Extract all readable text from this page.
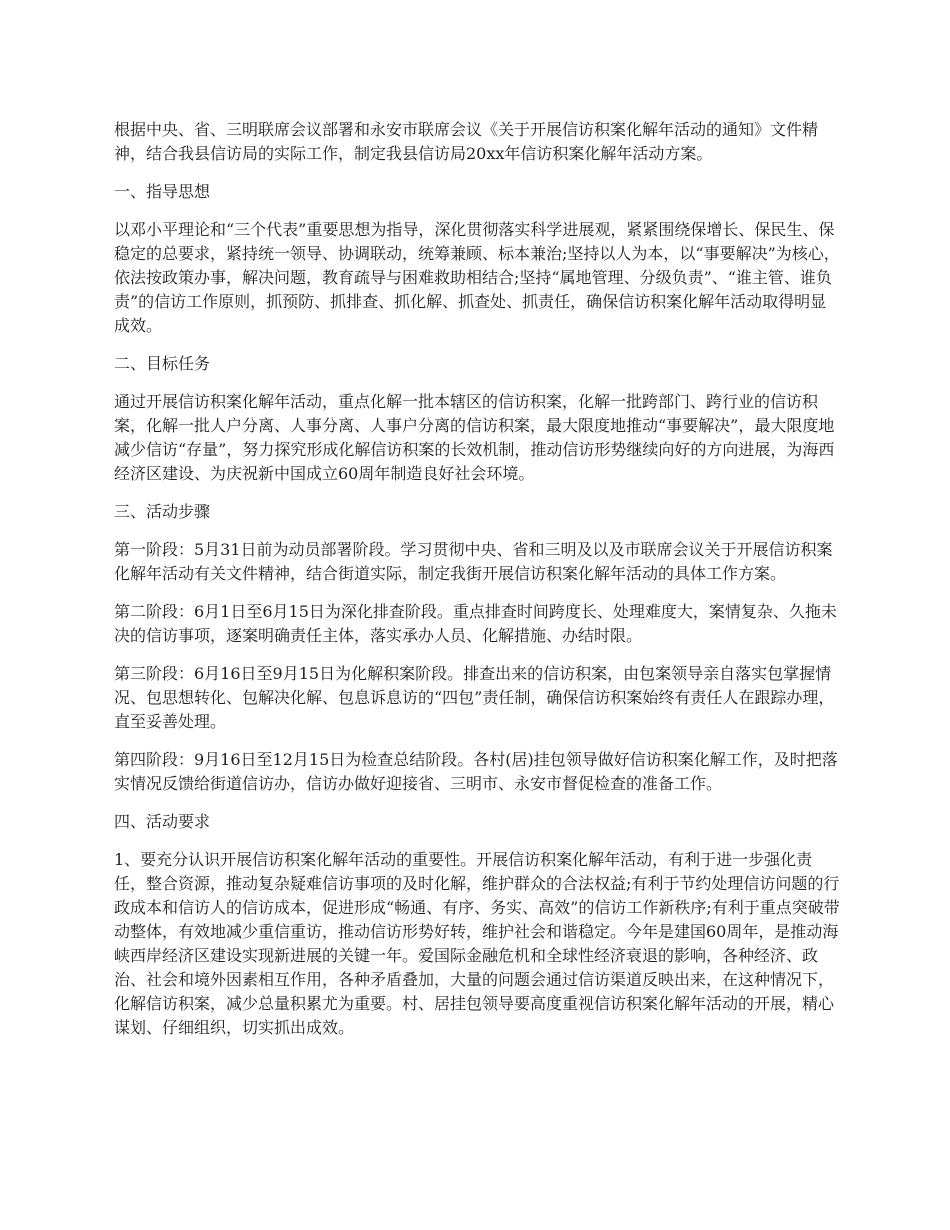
根据中央、省、三明联席会议部署和永安市联席会议《关于开展信访积案化解年活动的通知》文件精神，结合我县信访局的实际工作，制定我县信访局20xx年信访积案化解年活动方案。

一、指导思想

以邓小平理论和“三个代表”重要思想为指导，深化贯彻落实科学进展观，紧紧围绕保增长、保民生、保稳定的总要求，紧持统一领导、协调联动，统筹兼顾、标本兼治;坚持以人为本，以“事要解决”为核心，依法按政策办事，解决问题，教育疏导与困难救助相结合;坚持“属地管理、分级负责”、“谁主管、谁负责”的信访工作原则，抓预防、抓排查、抓化解、抓查处、抓责任，确保信访积案化解年活动取得明显成效。

二、目标任务

通过开展信访积案化解年活动，重点化解一批本辖区的信访积案，化解一批跨部门、跨行业的信访积案，化解一批人户分离、人事分离、人事户分离的信访积案，最大限度地推动“事要解决”，最大限度地减少信访“存量”，努力探究形成化解信访积案的长效机制，推动信访形势继续向好的方向进展，为海西经济区建设、为庆祝新中国成立60周年制造良好社会环境。

三、活动步骤

第一阶段：5月31日前为动员部署阶段。学习贯彻中央、省和三明及以及市联席会议关于开展信访积案化解年活动有关文件精神，结合街道实际，制定我街开展信访积案化解年活动的具体工作方案。

第二阶段：6月1日至6月15日为深化排查阶段。重点排查时间跨度长、处理难度大，案情复杂、久拖未决的信访事项，逐案明确责任主体，落实承办人员、化解措施、办结时限。

第三阶段：6月16日至9月15日为化解积案阶段。排查出来的信访积案，由包案领导亲自落实包掌握情况、包思想转化、包解决化解、包息诉息访的“四包”责任制，确保信访积案始终有责任人在跟踪办理，直至妥善处理。

第四阶段：9月16日至12月15日为检查总结阶段。各村(居)挂包领导做好信访积案化解工作，及时把落实情况反馈给街道信访办，信访办做好迎接省、三明市、永安市督促检查的准备工作。

四、活动要求

1、要充分认识开展信访积案化解年活动的重要性。开展信访积案化解年活动，有利于进一步强化责任，整合资源，推动复杂疑难信访事项的及时化解，维护群众的合法权益;有利于节约处理信访问题的行政成本和信访人的信访成本，促进形成“畅通、有序、务实、高效”的信访工作新秩序;有利于重点突破带动整体，有效地减少重信重访，推动信访形势好转，维护社会和谐稳定。今年是建国60周年，是推动海峡西岸经济区建设实现新进展的关键一年。爱国际金融危机和全球性经济衰退的影响，各种经济、政治、社会和境外因素相互作用，各种矛盾叠加，大量的问题会通过信访渠道反映出来，在这种情况下，化解信访积案，减少总量积累尤为重要。村、居挂包领导要高度重视信访积案化解年活动的开展，精心谋划、仔细组织，切实抓出成效。
